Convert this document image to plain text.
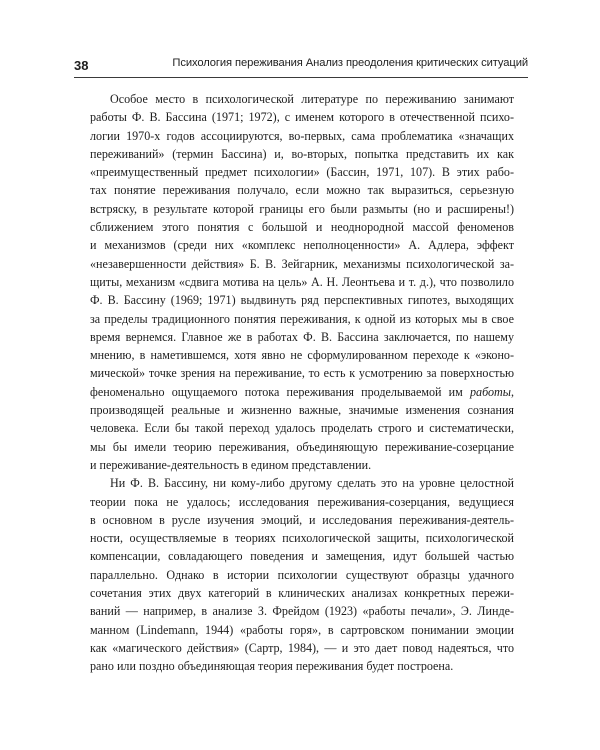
38	Психология переживания Анализ преодоления критических ситуаций

Особое место в психологической литературе по переживанию занимают
работы Ф. В. Бассина (1971; 1972), с именем которого в отечественной психо-
логии 1970-х годов ассоциируются, во-первых, сама проблематика «значащих
переживаний» (термин Бассина) и, во-вторых, попытка представить их как
«преимущественный предмет психологии» (Бассин, 1971, 107). В этих рабо-
тах понятие переживания получало, если можно так выразиться, серьезную
встряску, в результате которой границы его были размыты (но и расширены!)
сближением этого понятия с большой и неоднородной массой феноменов
и механизмов (среди них «комплекс неполноценности» А. Адлера, эффект
«незавершенности действия» Б. В. Зейгарник, механизмы психологической за-
щиты, механизм «сдвига мотива на цель» А. Н. Леонтьева и т. д.), что позволило
Ф. В. Бассину (1969; 1971) выдвинуть ряд перспективных гипотез, выходящих
за пределы традиционного понятия переживания, к одной из которых мы в свое
время вернемся. Главное же в работах Ф. В. Бассина заключается, по нашему
мнению, в наметившемся, хотя явно не сформулированном переходе к «эконо-
мической» точке зрения на переживание, то есть к усмотрению за поверхностью
феноменально ощущаемого потока переживания проделываемой им работы,
производящей реальные и жизненно важные, значимые изменения сознания
человека. Если бы такой переход удалось проделать строго и систематически,
мы бы имели теорию переживания, объединяющую переживание-созерцание
и переживание-деятельность в едином представлении.

Ни Ф. В. Бассину, ни кому-либо другому сделать это на уровне целостной
теории пока не удалось; исследования переживания-созерцания, ведущиеся
в основном в русле изучения эмоций, и исследования переживания-деятель-
ности, осуществляемые в теориях психологической защиты, психологической
компенсации, совладающего поведения и замещения, идут большей частью
параллельно. Однако в истории психологии существуют образцы удачного
сочетания этих двух категорий в клинических анализах конкретных пережи-
ваний — например, в анализе З. Фрейдом (1923) «работы печали», Э. Линде-
манном (Lindemann, 1944) «работы горя», в сартровском понимании эмоции
как «магического действия» (Сартр, 1984), — и это дает повод надеяться, что
рано или поздно объединяющая теория переживания будет построена.
